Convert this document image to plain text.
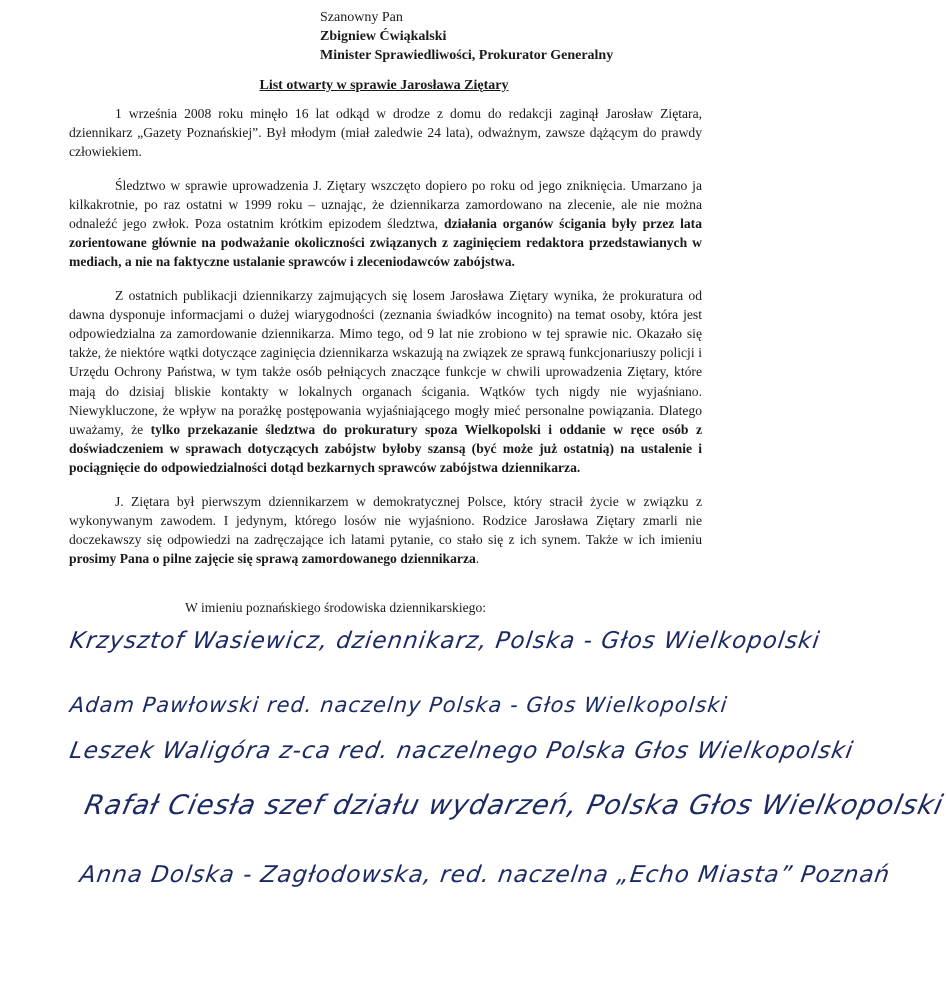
Szanowny Pan
Zbigniew Ćwiąkalski
Minister Sprawiedliwości, Prokurator Generalny
List otwarty w sprawie Jarosława Ziętary

1 września 2008 roku minęło 16 lat odkąd w drodze z domu do redakcji zaginął Jarosław Ziętara, dziennikarz „Gazety Poznańskiej”. Był młodym (miał zaledwie 24 lata), odważnym, zawsze dążącym do prawdy człowiekiem.

Śledztwo w sprawie uprowadzenia J. Ziętary wszczęto dopiero po roku od jego zniknięcia. Umarzano ja kilkakrotnie, po raz ostatni w 1999 roku – uznając, że dziennikarza zamordowano na zlecenie, ale nie można odnaleźć jego zwłok. Poza ostatnim krótkim epizodem śledztwa, działania organów ścigania były przez lata zorientowane głównie na podważanie okoliczności związanych z zaginięciem redaktora przedstawianych w mediach, a nie na faktyczne ustalanie sprawców i zleceniodawców zabójstwa.

Z ostatnich publikacji dziennikarzy zajmujących się losem Jarosława Ziętary wynika, że prokuratura od dawna dysponuje informacjami o dużej wiarygodności (zeznania świadków incognito) na temat osoby, która jest odpowiedzialna za zamordowanie dziennikarza. Mimo tego, od 9 lat nie zrobiono w tej sprawie nic. Okazało się także, że niektóre wątki dotyczące zaginięcia dziennikarza wskazują na związek ze sprawą funkcjonariuszy policji i Urzędu Ochrony Państwa, w tym także osób pełniących znaczące funkcje w chwili uprowadzenia Ziętary, które mają do dzisiaj bliskie kontakty w lokalnych organach ścigania. Wątków tych nigdy nie wyjaśniano. Niewykluczone, że wpływ na porażkę postępowania wyjaśniającego mogły mieć personalne powiązania. Dlatego uważamy, że tylko przekazanie śledztwa do prokuratury spoza Wielkopolski i oddanie w ręce osób z doświadczeniem w sprawach dotyczących zabójstw byłoby szansą (być może już ostatnią) na ustalenie i pociągnięcie do odpowiedzialności dotąd bezkarnych sprawców zabójstwa dziennikarza.

J. Ziętara był pierwszym dziennikarzem w demokratycznej Polsce, który stracił życie w związku z wykonywanym zawodem. I jedynym, którego losów nie wyjaśniono. Rodzice Jarosława Ziętary zmarli nie doczekawszy się odpowiedzi na zadręczające ich latami pytanie, co stało się z ich synem. Także w ich imieniu prosimy Pana o pilne zajęcie się sprawą zamordowanego dziennikarza.

W imieniu poznańskiego środowiska dziennikarskiego:
Krzysztof Wasiewicz, dziennikarz, Polska - Głos Wielkopolski
Adam Pawłowski red. naczelny Polska - Głos Wielkopolski
Leszek Waligóra z-ca red. naczelnego Polska Głos Wielkopolski
Rafał Ciesła szef działu wydarzeń, Polska Głos Wielkopolski
Anna Dolska - Zagłodowska, red. naczelna „Echo Miasta” Poznań
